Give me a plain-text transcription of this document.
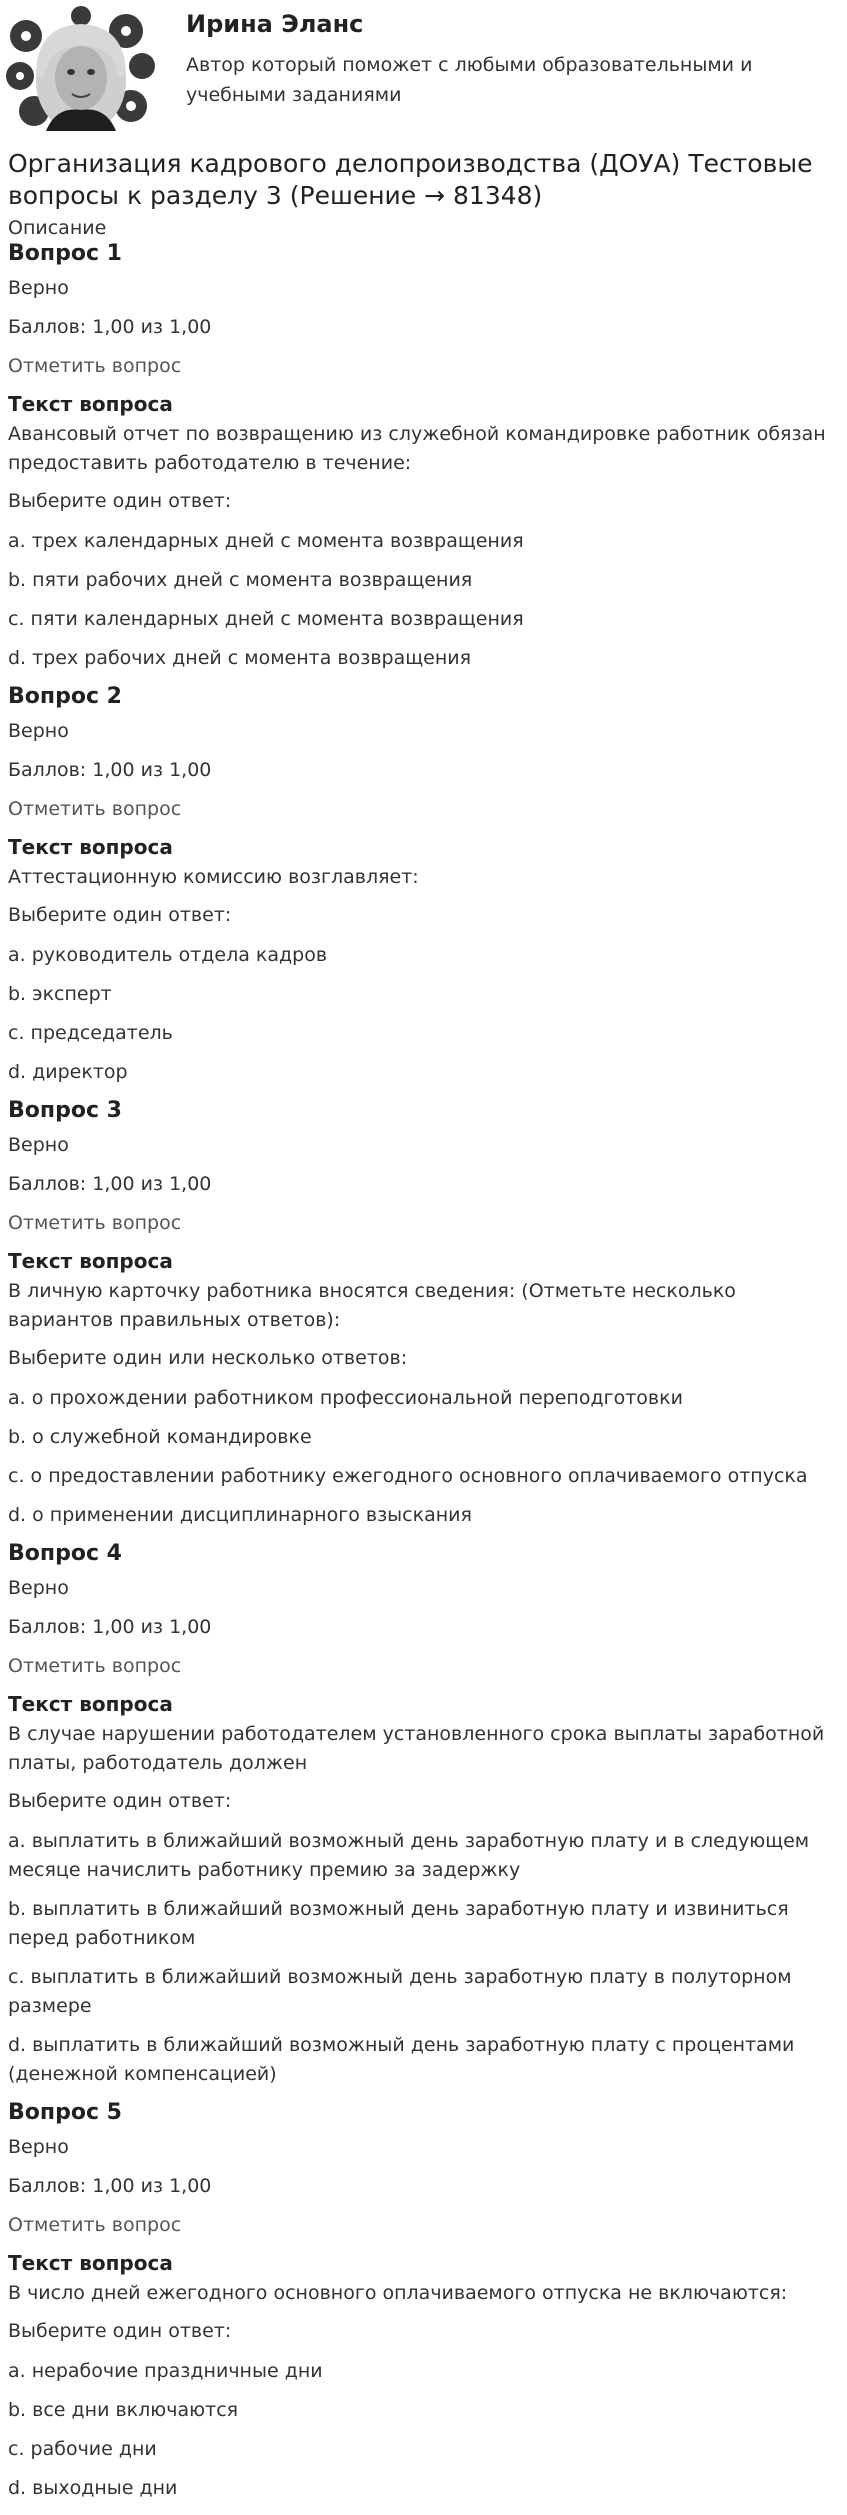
Ирина Эланс
Автор который поможет с любыми образовательными и учебными заданиями
Организация кадрового делопроизводства (ДОУА) Тестовые вопросы к разделу 3 (Решение → 81348)
Описание
Вопрос 1
Верно
Баллов: 1,00 из 1,00
Отметить вопрос
Текст вопроса
Авансовый отчет по возвращению из служебной командировке работник обязан предоставить работодателю в течение:
Выберите один ответ:
a. трех календарных дней с момента возвращения
b. пяти рабочих дней с момента возвращения
c. пяти календарных дней с момента возвращения
d. трех рабочих дней с момента возвращения
Вопрос 2
Верно
Баллов: 1,00 из 1,00
Отметить вопрос
Текст вопроса
Аттестационную комиссию возглавляет:
Выберите один ответ:
a. руководитель отдела кадров
b. эксперт
c. председатель
d. директор
Вопрос 3
Верно
Баллов: 1,00 из 1,00
Отметить вопрос
Текст вопроса
В личную карточку работника вносятся сведения: (Отметьте несколько вариантов правильных ответов):
Выберите один или несколько ответов:
a. о прохождении работником профессиональной переподготовки
b. о служебной командировке
c. о предоставлении работнику ежегодного основного оплачиваемого отпуска
d. о применении дисциплинарного взыскания
Вопрос 4
Верно
Баллов: 1,00 из 1,00
Отметить вопрос
Текст вопроса
В случае нарушении работодателем установленного срока выплаты заработной платы, работодатель должен
Выберите один ответ:
a. выплатить в ближайший возможный день заработную плату и в следующем месяце начислить работнику премию за задержку
b. выплатить в ближайший возможный день заработную плату и извиниться перед работником
c. выплатить в ближайший возможный день заработную плату в полуторном размере
d. выплатить в ближайший возможный день заработную плату с процентами (денежной компенсацией)
Вопрос 5
Верно
Баллов: 1,00 из 1,00
Отметить вопрос
Текст вопроса
В число дней ежегодного основного оплачиваемого отпуска не включаются:
Выберите один ответ:
a. нерабочие праздничные дни
b. все дни включаются
c. рабочие дни
d. выходные дни
